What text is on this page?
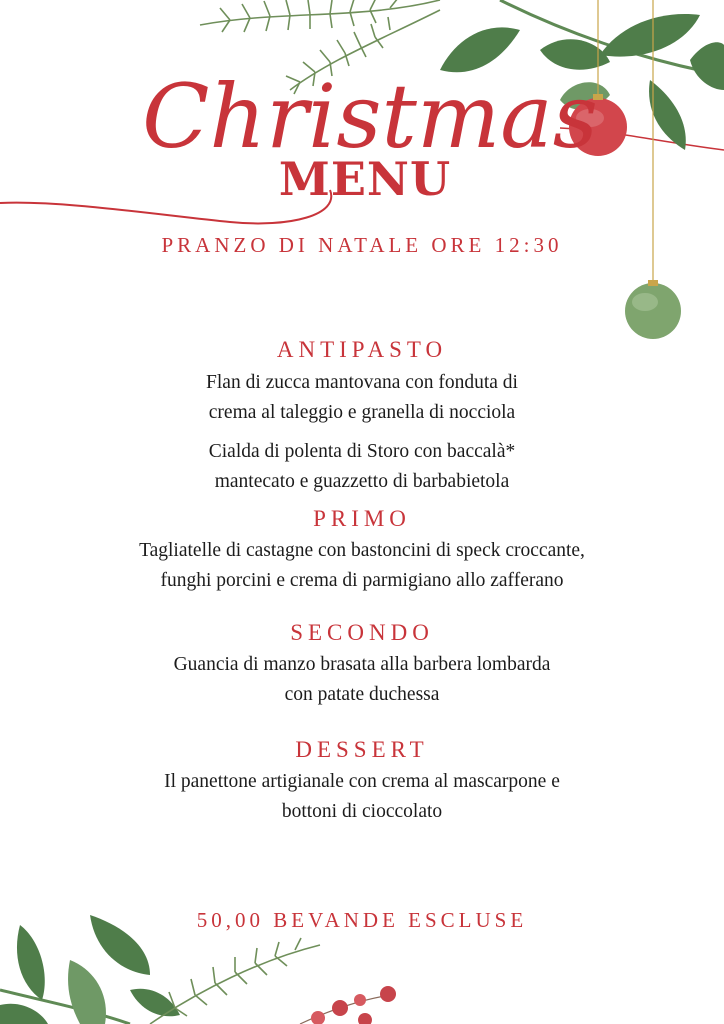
Christmas
MENU
PRANZO DI NATALE ORE 12:30
ANTIPASTO
Flan di zucca mantovana con fonduta di
crema al taleggio e granella di nocciola
Cialda di polenta di Storo con baccalà*
mantecato e guazzetto di barbabietola
PRIMO
Tagliatelle di castagne con bastoncini di speck croccante,
funghi porcini e crema di parmigiano allo zafferano
SECONDO
Guancia di manzo brasata alla barbera lombarda
con patate duchessa
DESSERT
Il panettone artigianale con crema al mascarpone e
bottoni di cioccolato
50,00 BEVANDE ESCLUSE
